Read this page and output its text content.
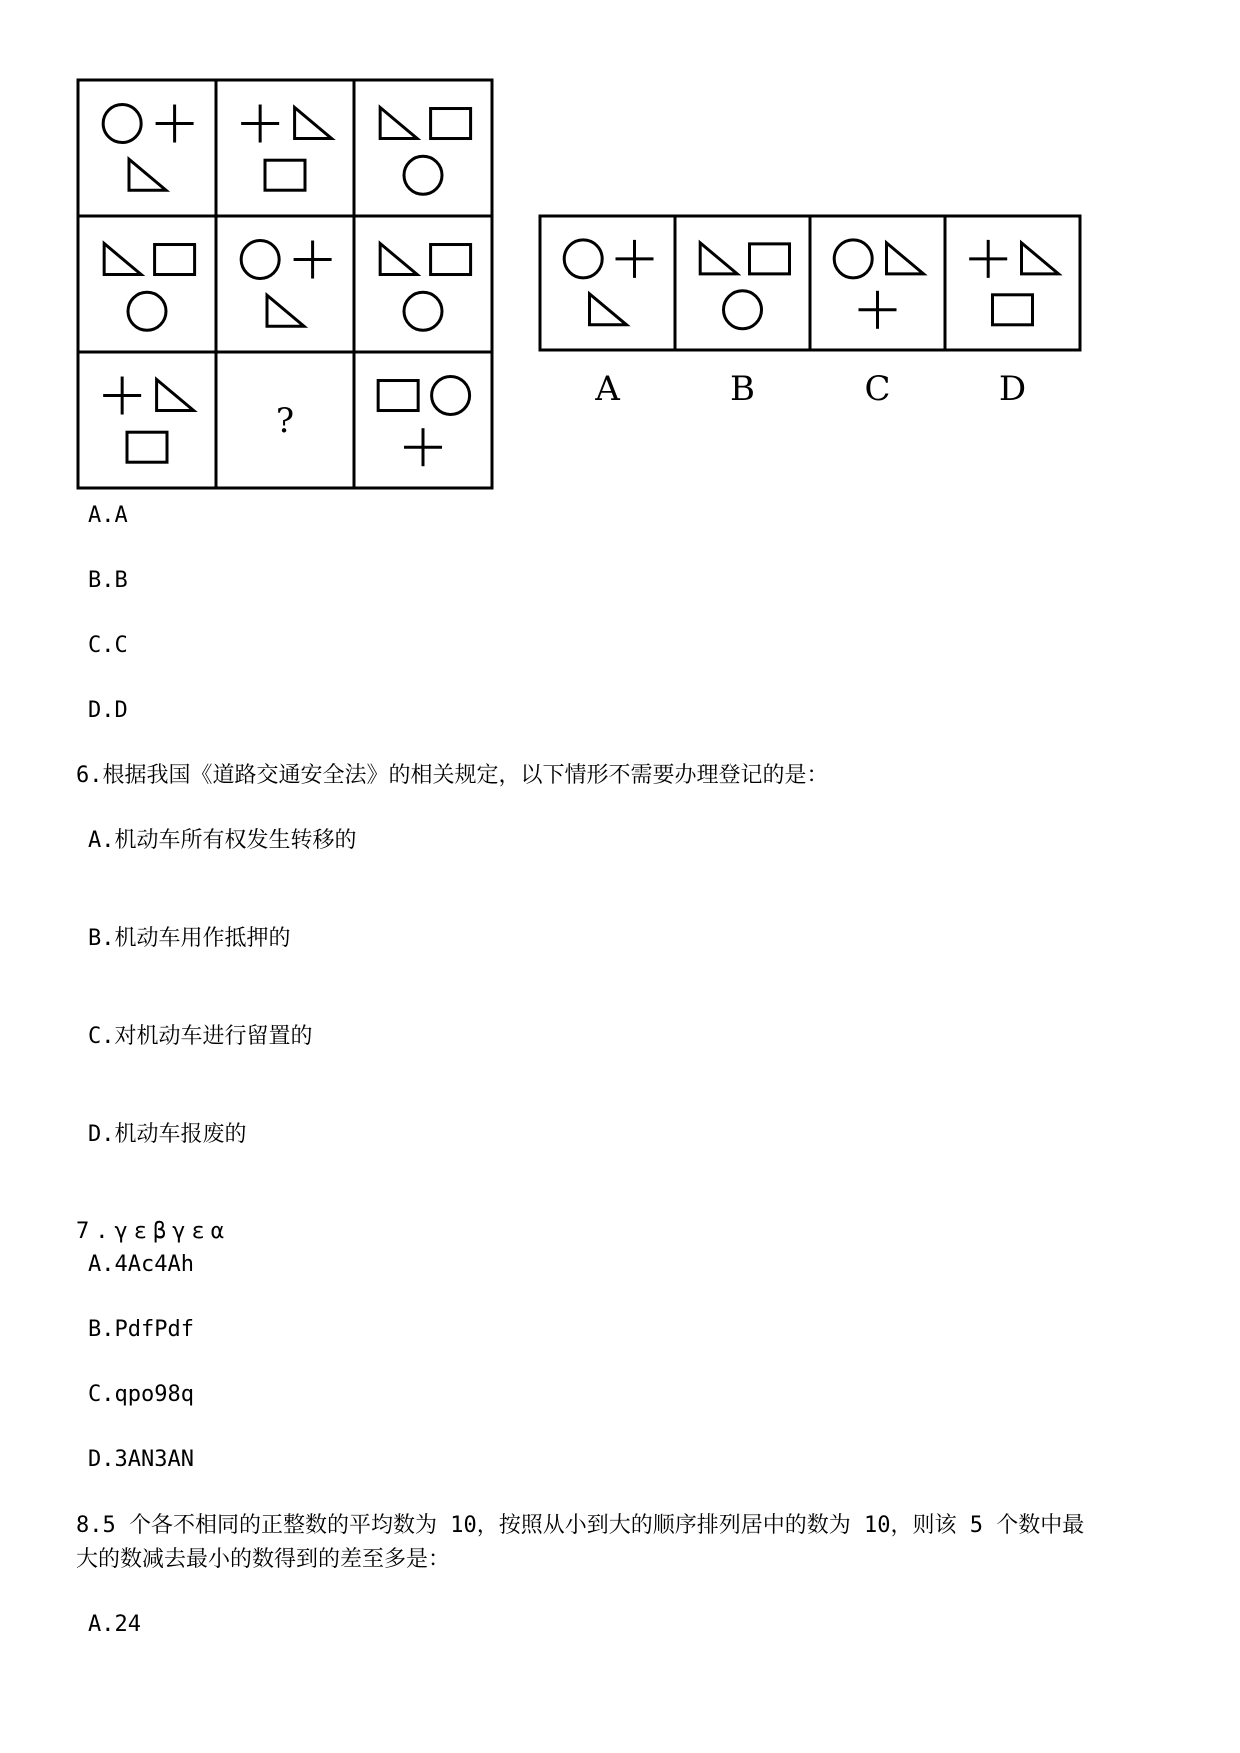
?
A	B	C	D
A.A
B.B
C.C
D.D
6.根据我国《道路交通安全法》的相关规定，以下情形不需要办理登记的是：
A.机动车所有权发生转移的
B.机动车用作抵押的
C.对机动车进行留置的
D.机动车报废的
7.γεβγεα
A.4Ac4Ah
B.PdfPdf
C.qpo98q
D.3AN3AN
8.5 个各不相同的正整数的平均数为 10，按照从小到大的顺序排列居中的数为 10，则该 5 个数中最
大的数减去最小的数得到的差至多是：
A.24
